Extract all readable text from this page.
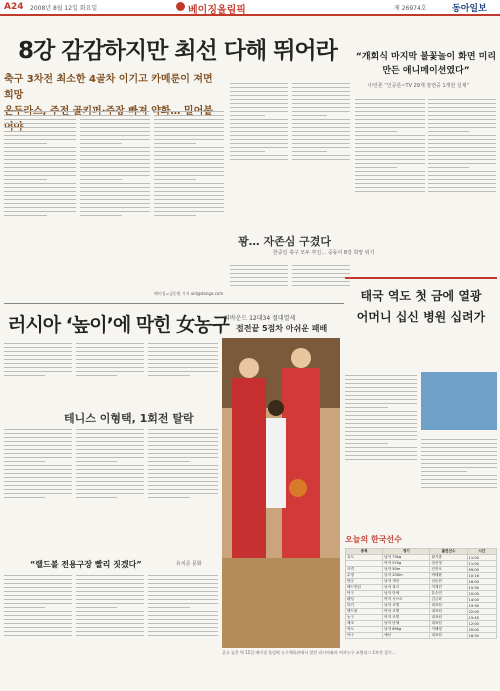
A24 2008년 8월 12일 화요일	베이징올림픽	제 26974호	동아일보
8강 감감하지만 최선 다해 뛰어라
축구 3차전 최소한 4골차 이기고 카메룬이 져면 희망
베이징=김동원 기자 aid@donga.com
“개회식 마지막 불꽃놀이 화면 미리 만든 애니메이션였다”
中언론 “인공론~TV 29개 장면중 1개만 실제”
꽝… 자존심 구겼다
한중일 축구 모두 부진… 중동이 8강 희망 위기
러시아 ‘높이’에 막힌 女농구
리바운드 12대34 절대열세
접전끝 5점차 아쉬운 패배
테니스 이형택, 1회전 탈락
“랠드볼 전용구장 빨리 짓겠다”	유치준 문화
골고 높은 벽 11일 베이징 올림픽 농구체육관에서 열린 러시아와의 여자농구 조별리그 1차전 경기…
태국 역도 첫 금에 열광
어머니 십신 병원 십려가
오늘의 한국선수
종목	경기	출전선수	시간
유도	남자 73kg	왕기춘	11:00
	여자 57kg	강신영	11:00
사격	남자 50m	진종오	09:00
수영	남자 200m	박태환	10:16
양궁	남자 개인	임동현	16:00
배드민턴	남자 복식	이재진	15:30
탁구	남자 단체	유승민	10:00
펜싱	여자 사브르	김금화	14:00
하키	남자 조별	대표팀	19:30
핸드볼	여자 조별	대표팀	22:00
농구	여자 조별	대표팀	15:45
체조	남자 단체	대표팀	12:00
역도	남자 69kg	이배영	20:00
야구	예선	대표팀	18:30
